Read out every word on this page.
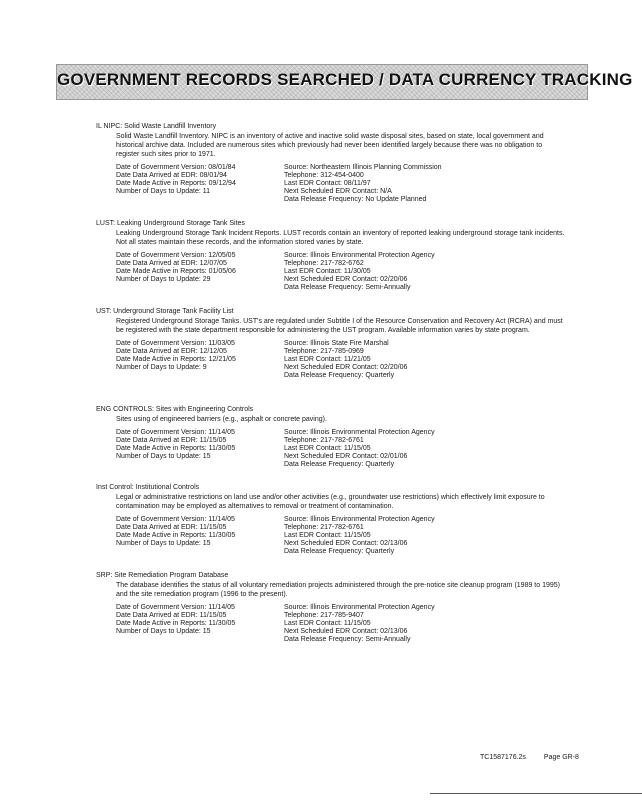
GOVERNMENT RECORDS SEARCHED / DATA CURRENCY TRACKING
IL NIPC: Solid Waste Landfill Inventory
Solid Waste Landfill Inventory. NIPC is an inventory of active and inactive solid waste disposal sites, based on state, local government and historical archive data. Included are numerous sites which previously had never been identified largely because there was no obligation to register such sites prior to 1971.
Date of Government Version: 08/01/84
Date Data Arrived at EDR: 08/01/94
Date Made Active in Reports: 09/12/94
Number of Days to Update: 11
Source: Northeastern Illinois Planning Commission
Telephone: 312-454-0400
Last EDR Contact: 08/11/97
Next Scheduled EDR Contact: N/A
Data Release Frequency: No Update Planned
LUST: Leaking Underground Storage Tank Sites
Leaking Underground Storage Tank Incident Reports. LUST records contain an inventory of reported leaking underground storage tank incidents. Not all states maintain these records, and the information stored varies by state.
Date of Government Version: 12/05/05
Date Data Arrived at EDR: 12/07/05
Date Made Active in Reports: 01/05/06
Number of Days to Update: 29
Source: Illinois Environmental Protection Agency
Telephone: 217-782-6762
Last EDR Contact: 11/30/05
Next Scheduled EDR Contact: 02/20/06
Data Release Frequency: Semi-Annually
UST: Underground Storage Tank Facility List
Registered Underground Storage Tanks. UST's are regulated under Subtitle I of the Resource Conservation and Recovery Act (RCRA) and must be registered with the state department responsible for administering the UST program. Available information varies by state program.
Date of Government Version: 11/03/05
Date Data Arrived at EDR: 12/12/05
Date Made Active in Reports: 12/21/05
Number of Days to Update: 9
Source: Illinois State Fire Marshal
Telephone: 217-785-0969
Last EDR Contact: 11/21/05
Next Scheduled EDR Contact: 02/20/06
Data Release Frequency: Quarterly
ENG CONTROLS: Sites with Engineering Controls
Sites using of engineered barriers (e.g., asphalt or concrete paving).
Date of Government Version: 11/14/05
Date Data Arrived at EDR: 11/15/05
Date Made Active in Reports: 11/30/05
Number of Days to Update: 15
Source: Illinois Environmental Protection Agency
Telephone: 217-782-6761
Last EDR Contact: 11/15/05
Next Scheduled EDR Contact: 02/01/06
Data Release Frequency: Quarterly
Inst Control: Institutional Controls
Legal or administrative restrictions on land use and/or other activities (e.g., groundwater use restrictions) which effectively limit exposure to contamination may be employed as alternatives to removal or treatment of contamination.
Date of Government Version: 11/14/05
Date Data Arrived at EDR: 11/15/05
Date Made Active in Reports: 11/30/05
Number of Days to Update: 15
Source: Illinois Environmental Protection Agency
Telephone: 217-782-6761
Last EDR Contact: 11/15/05
Next Scheduled EDR Contact: 02/13/06
Data Release Frequency: Quarterly
SRP: Site Remediation Program Database
The database identifies the status of all voluntary remediation projects administered through the pre-notice site cleanup program (1989 to 1995) and the site remediation program (1996 to the present).
Date of Government Version: 11/14/05
Date Data Arrived at EDR: 11/15/05
Date Made Active in Reports: 11/30/05
Number of Days to Update: 15
Source: Illinois Environmental Protection Agency
Telephone: 217-785-9407
Last EDR Contact: 11/15/05
Next Scheduled EDR Contact: 02/13/06
Data Release Frequency: Semi-Annually
TC1587176.2s	Page GR-8
